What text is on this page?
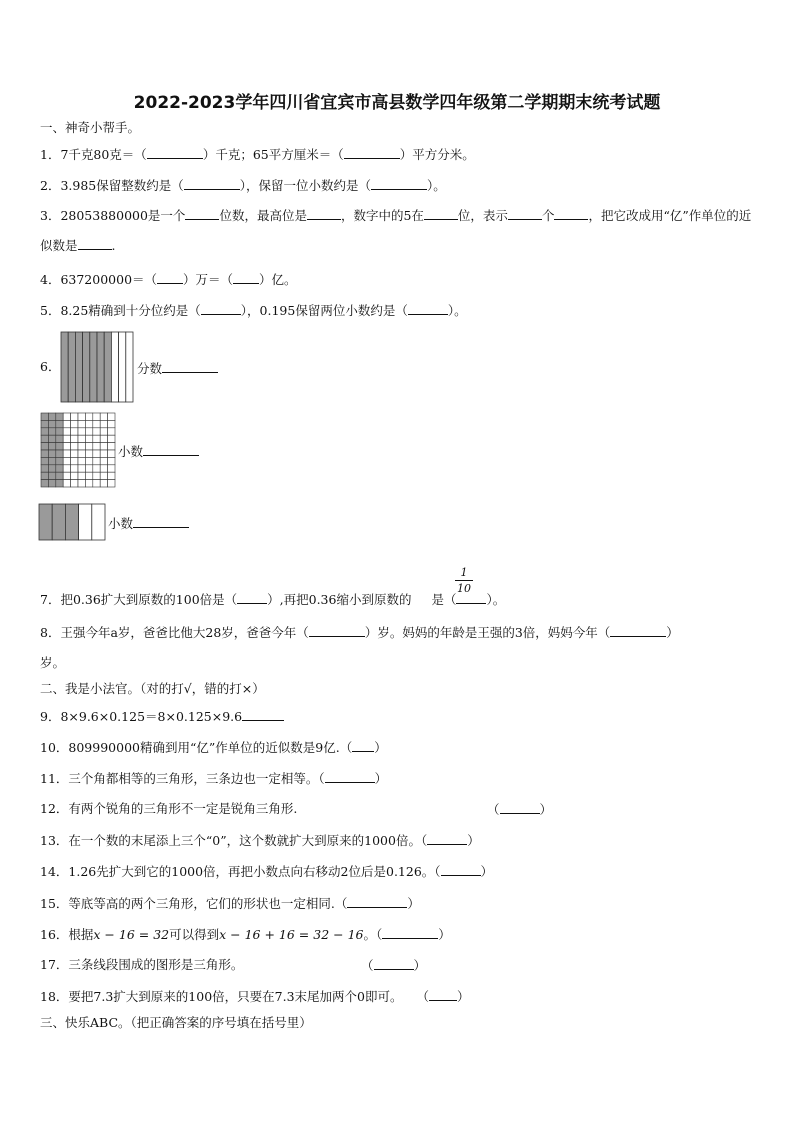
2022-2023学年四川省宜宾市高县数学四年级第二学期期末统考试题
一、神奇小帮手。
1．7千克80克＝（	）千克；65平方厘米＝（	）平方分米。
2．3.985保留整数约是（	），保留一位小数约是（	）。
3．28053880000是一个	位数，最高位是	，数字中的5在	位，表示	个	，把它改成用“亿”作单位的近似数是	.
4．637200000＝（ ）万＝（ ）亿。
5．8.25精确到十分位约是（	），0.195保留两位小数约是（	）。
6．	分数
小数
小数
1
10
7．把0.36扩大到原数的100倍是（ ）,再把0.36缩小到原数的 是（ ）。
8．王强今年a岁，爸爸比他大28岁，爸爸今年（	）岁。妈妈的年龄是王强的3倍，妈妈今年（	）
岁。
二、我是小法官。（对的打√，错的打×）
9．8×9.6×0.125＝8×0.125×9.6
10．809990000精确到用“亿”作单位的近似数是9亿.（ ）
11．三个角都相等的三角形，三条边也一定相等。（	）
12．有两个锐角的三角形不一定是锐角三角形.	（	）
13．在一个数的末尾添上三个“0”，这个数就扩大到原来的1000倍。（	）
14．1.26先扩大到它的1000倍，再把小数点向右移动2位后是0.126。（	）
15．等底等高的两个三角形，它们的形状也一定相同.（	）
16．根据x − 16 = 32可以得到x − 16 + 16 = 32 − 16。（	）
17．三条线段围成的图形是三角形。	（	）
18．要把7.3扩大到原来的100倍，只要在7.3末尾加两个0即可。 （ ）
三、快乐ABC。（把正确答案的序号填在括号里）
